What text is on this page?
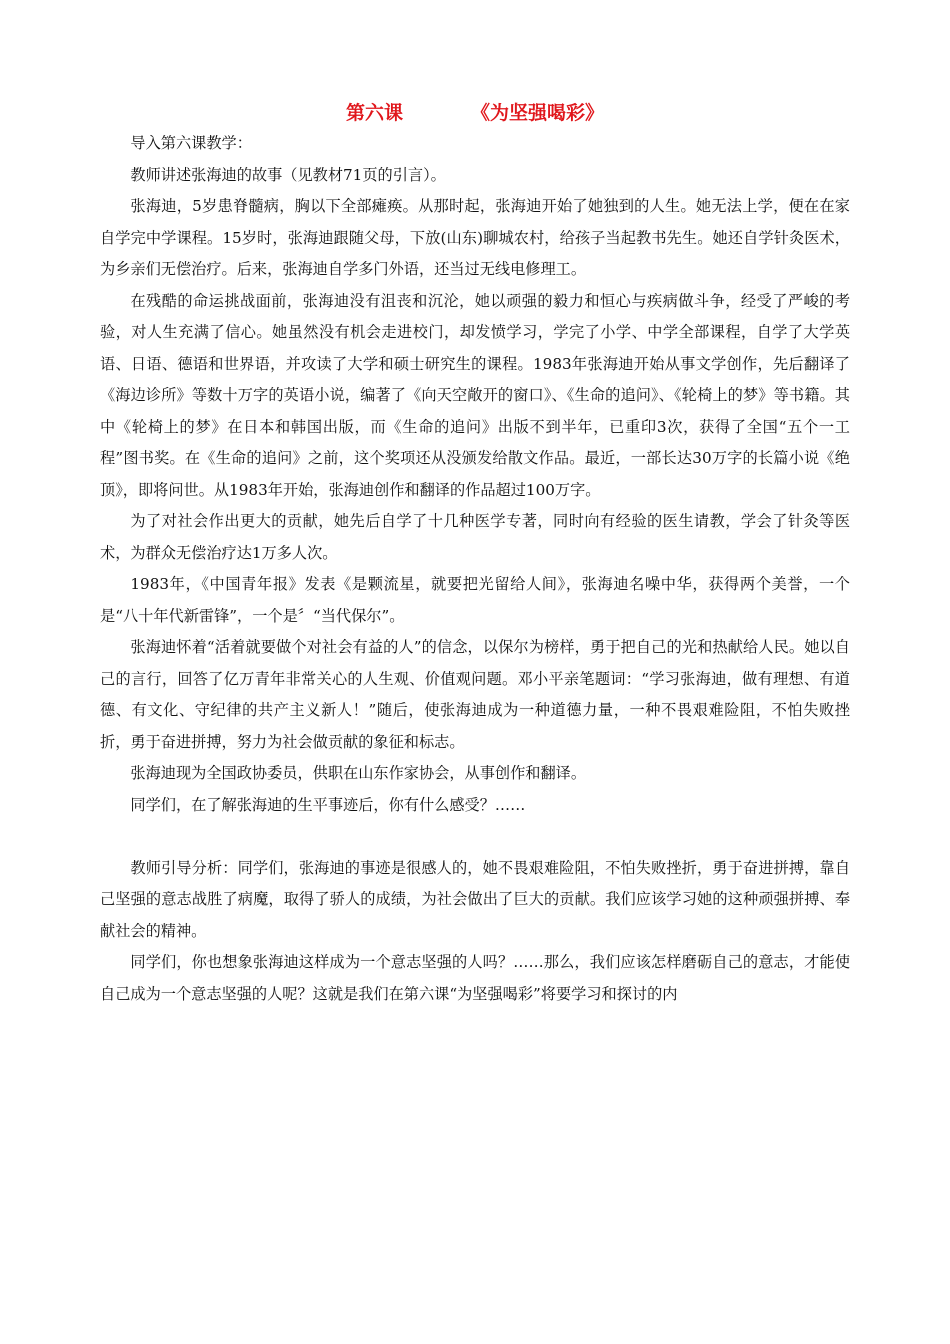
第六课	《为坚强喝彩》

导入第六课教学：

教师讲述张海迪的故事（见教材71页的引言）。

张海迪，5岁患脊髓病，胸以下全部瘫痪。从那时起，张海迪开始了她独到的人生。她无法上学，便在在家自学完中学课程。15岁时，张海迪跟随父母，下放(山东)聊城农村，给孩子当起教书先生。她还自学针灸医术，为乡亲们无偿治疗。后来，张海迪自学多门外语，还当过无线电修理工。

在残酷的命运挑战面前，张海迪没有沮丧和沉沦，她以顽强的毅力和恒心与疾病做斗争，经受了严峻的考验，对人生充满了信心。她虽然没有机会走进校门，却发愤学习，学完了小学、中学全部课程，自学了大学英语、日语、德语和世界语，并攻读了大学和硕士研究生的课程。1983年张海迪开始从事文学创作，先后翻译了《海边诊所》等数十万字的英语小说，编著了《向天空敞开的窗口》、《生命的追问》、《轮椅上的梦》等书籍。其中《轮椅上的梦》在日本和韩国出版，而《生命的追问》出版不到半年，已重印3次，获得了全国“五个一工程”图书奖。在《生命的追问》之前，这个奖项还从没颁发给散文作品。最近，一部长达30万字的长篇小说《绝顶》，即将问世。从1983年开始，张海迪创作和翻译的作品超过100万字。

为了对社会作出更大的贡献，她先后自学了十几种医学专著，同时向有经验的医生请教，学会了针灸等医术，为群众无偿治疗达1万多人次。

1983年，《中国青年报》发表《是颗流星，就要把光留给人间》，张海迪名噪中华，获得两个美誉，一个是“八十年代新雷锋”，一个是〞“当代保尔”。

张海迪怀着“活着就要做个对社会有益的人”的信念，以保尔为榜样，勇于把自己的光和热献给人民。她以自己的言行，回答了亿万青年非常关心的人生观、价值观问题。邓小平亲笔题词：“学习张海迪，做有理想、有道德、有文化、守纪律的共产主义新人！”随后，使张海迪成为一种道德力量，一种不畏艰难险阻，不怕失败挫折，勇于奋进拼搏，努力为社会做贡献的象征和标志。

张海迪现为全国政协委员，供职在山东作家协会，从事创作和翻译。

同学们，在了解张海迪的生平事迹后，你有什么感受？……

教师引导分析：同学们，张海迪的事迹是很感人的，她不畏艰难险阻，不怕失败挫折，勇于奋进拼搏，靠自己坚强的意志战胜了病魔，取得了骄人的成绩，为社会做出了巨大的贡献。我们应该学习她的这种顽强拼搏、奉献社会的精神。

同学们，你也想象张海迪这样成为一个意志坚强的人吗？……那么，我们应该怎样磨砺自己的意志，才能使自己成为一个意志坚强的人呢？这就是我们在第六课“为坚强喝彩”将要学习和探讨的内
